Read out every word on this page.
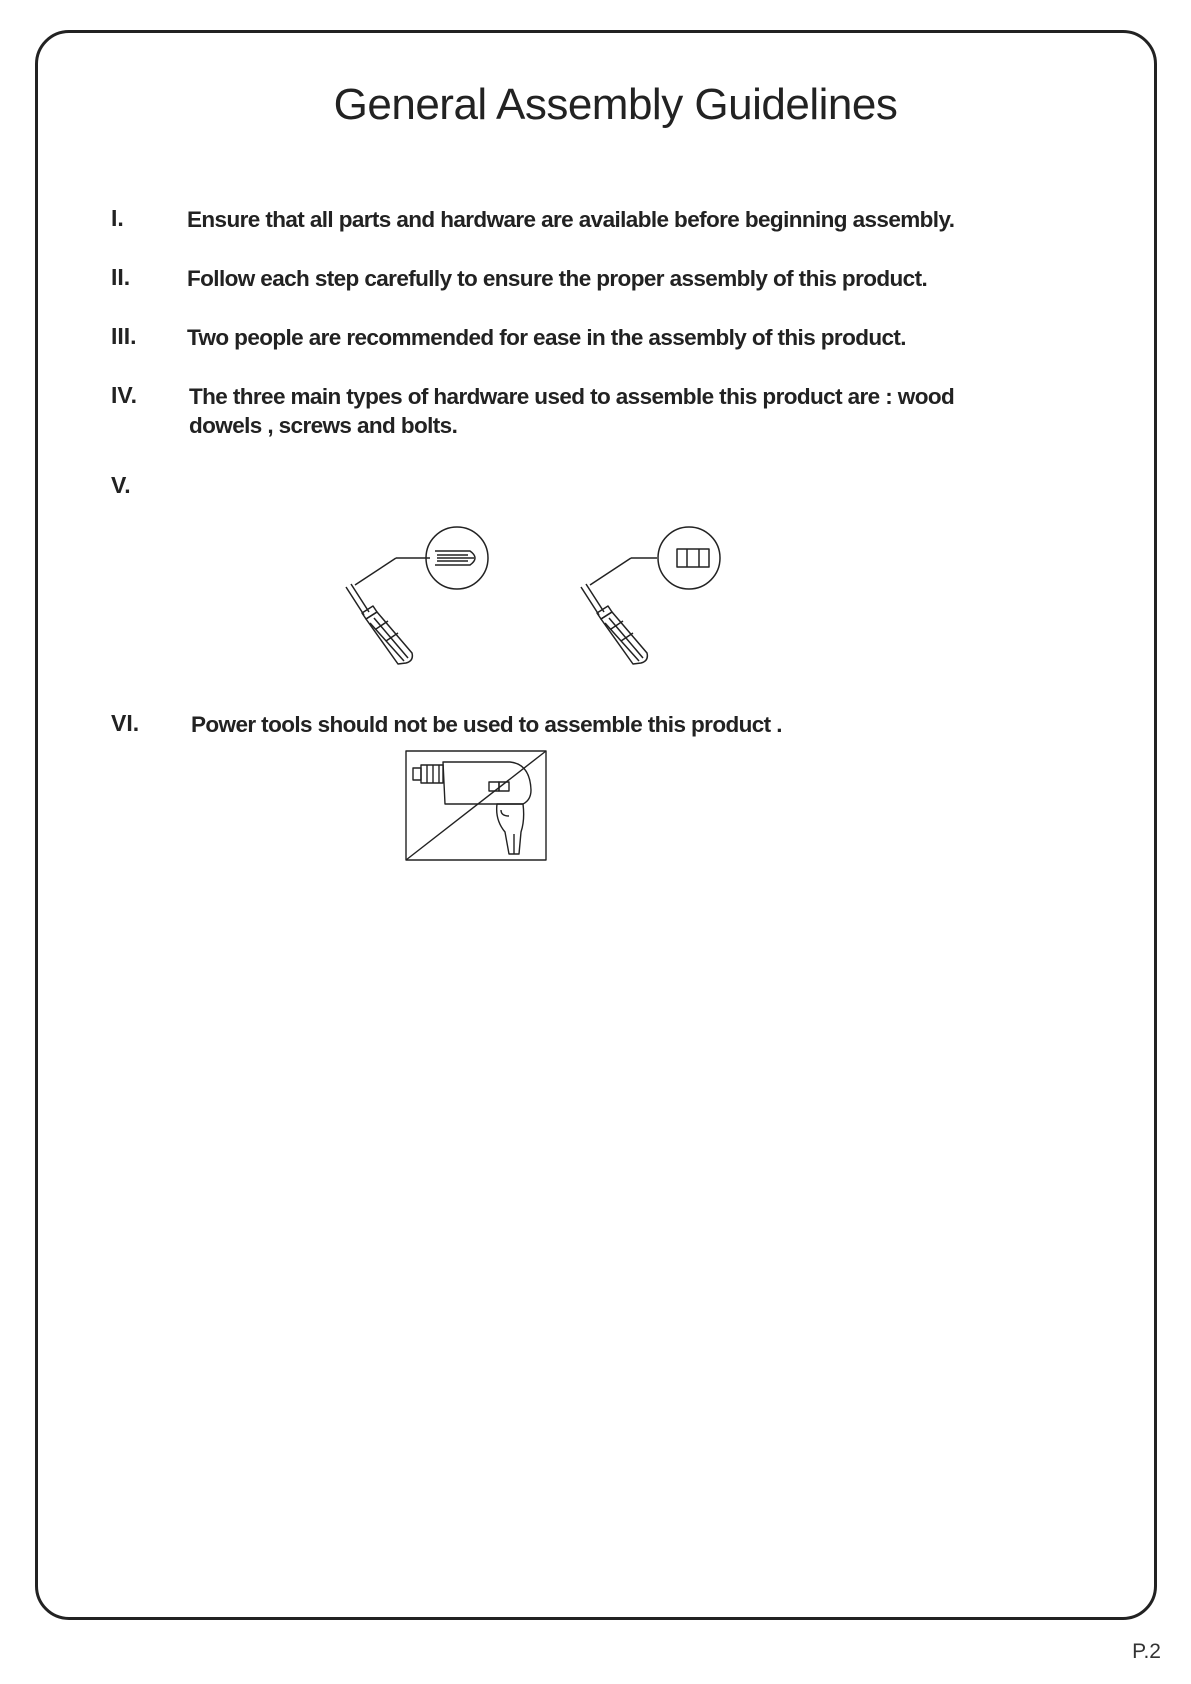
General Assembly Guidelines
I.	Ensure that all parts and hardware are available before beginning assembly.
II.	Follow each step carefully to ensure the proper assembly of this product.
III. Two people are recommended for ease in the assembly of this product.
IV. The three main types of hardware used to assemble this product are : wood
dowels , screws and bolts.
V.
VI. Power tools should not be used to assemble this product .
P.2
